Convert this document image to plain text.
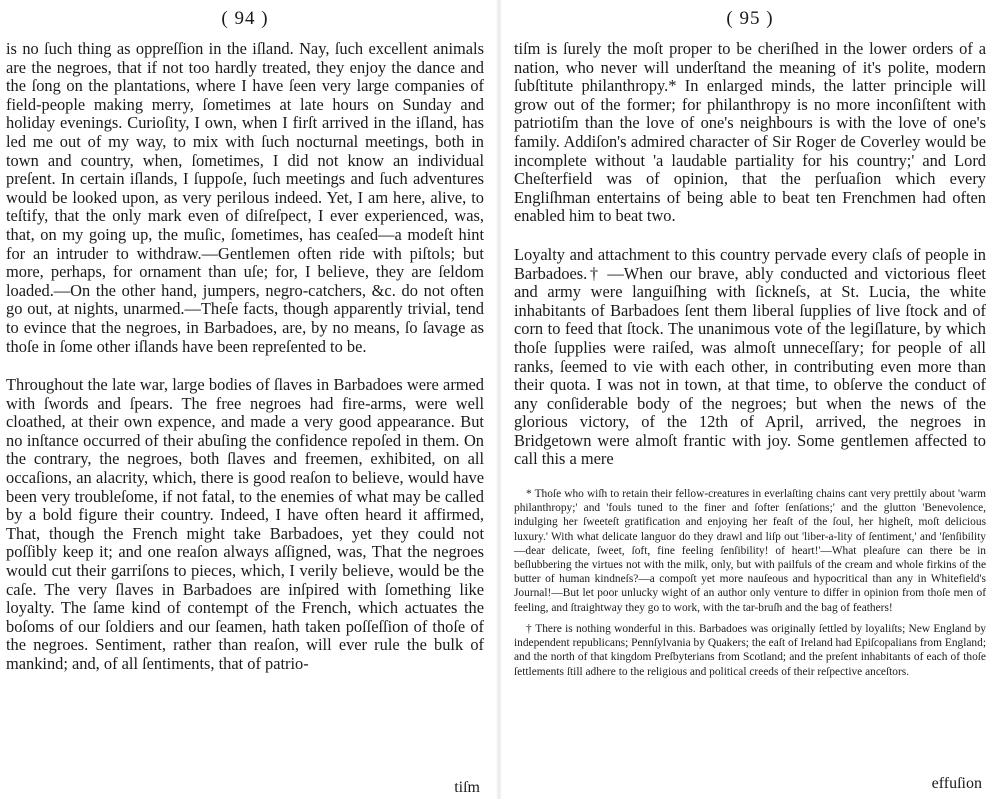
( 94 )

is no ſuch thing as oppreſſion in the iſland. Nay, ſuch excellent animals are the negroes, that if not too hardly treated, they enjoy the dance and the ſong on the plantations, where I have ſeen very large companies of field-people making merry, ſometimes at late hours on Sunday and holiday evenings. Curioſity, I own, when I firſt arrived in the iſland, has led me out of my way, to mix with ſuch nocturnal meetings, both in town and country, when, ſometimes, I did not know an individual preſent. In certain iſlands, I ſuppoſe, ſuch meetings and ſuch adventures would be looked upon, as very perilous indeed. Yet, I am here, alive, to teſtify, that the only mark even of diſreſpect, I ever experienced, was, that, on my going up, the muſic, ſometimes, has ceaſed—a modeſt hint for an intruder to withdraw.—Gentlemen often ride with piſtols; but more, perhaps, for ornament than uſe; for, I believe, they are ſeldom loaded.—On the other hand, jumpers, negro-catchers, &c. do not often go out, at nights, unarmed.—Theſe facts, though apparently trivial, tend to evince that the negroes, in Barbadoes, are, by no means, ſo ſavage as thoſe in ſome other iſlands have been repreſented to be.

Throughout the late war, large bodies of ſlaves in Barbadoes were armed with ſwords and ſpears. The free negroes had fire-arms, were well cloathed, at their own expence, and made a very good appearance. But no inſtance occurred of their abuſing the confidence repoſed in them. On the contrary, the negroes, both ſlaves and freemen, exhibited, on all occaſions, an alacrity, which, there is good reaſon to believe, would have been very troubleſome, if not fatal, to the enemies of what may be called by a bold figure their country. Indeed, I have often heard it affirmed, That, though the French might take Barbadoes, yet they could not poſſibly keep it; and one reaſon always aſſigned, was, That the negroes would cut their garriſons to pieces, which, I verily believe, would be the caſe. The very ſlaves in Barbadoes are inſpired with ſomething like loyalty. The ſame kind of contempt of the French, which actuates the boſoms of our ſoldiers and our ſeamen, hath taken poſſeſſion of thoſe of the negroes. Sentiment, rather than reaſon, will ever rule the bulk of mankind; and, of all ſentiments, that of patrio-

tiſm
( 95 )

tiſm is ſurely the moſt proper to be cheriſhed in the lower orders of a nation, who never will underſtand the meaning of it's polite, modern ſubſtitute philanthropy.* In enlarged minds, the latter principle will grow out of the former; for philanthropy is no more inconſiſtent with patriotiſm than the love of one's neighbours is with the love of one's family. Addiſon's admired character of Sir Roger de Coverley would be incomplete without 'a laudable partiality for his country;' and Lord Cheſterfield was of opinion, that the perſuaſion which every Engliſhman entertains of being able to beat ten Frenchmen had often enabled him to beat two.

Loyalty and attachment to this country pervade every claſs of people in Barbadoes.† —When our brave, ably conducted and victorious fleet and army were languiſhing with ſickneſs, at St. Lucia, the white inhabitants of Barbadoes ſent them liberal ſupplies of live ſtock and of corn to feed that ſtock. The unanimous vote of the legiſlature, by which thoſe ſupplies were raiſed, was almoſt unneceſſary; for people of all ranks, ſeemed to vie with each other, in contributing even more than their quota. I was not in town, at that time, to obſerve the conduct of any conſiderable body of the negroes; but when the news of the glorious victory, of the 12th of April, arrived, the negroes in Bridgetown were almoſt frantic with joy. Some gentlemen affected to call this a mere

* Thoſe who wiſh to retain their fellow-creatures in everlaſting chains cant very prettily about 'warm philanthropy;' and 'fouls tuned to the finer and ſofter ſenſations;' and the glutton 'Benevolence, indulging her ſweeteſt gratification and enjoying her feaſt of the ſoul, her higheſt, moſt delicious luxury.' With what delicate languor do they drawl and liſp out 'liber-a-lity of ſentiment,' and 'ſenſibility—dear delicate, ſweet, ſoft, fine feeling ſenſibility! of heart!'—What pleaſure can there be in beſlubbering the virtues not with the milk, only, but with pailfuls of the cream and whole firkins of the butter of human kindneſs?—a compoſt yet more nauſeous and hypocritical than any in Whitefield's Journal!—But let poor unlucky wight of an author only venture to differ in opinion from thoſe men of feeling, and ſtraightway they go to work, with the tar-bruſh and the bag of feathers!

† There is nothing wonderful in this. Barbadoes was originally ſettled by loyaliſts; New England by independent republicans; Pennſylvania by Quakers; the eaſt of Ireland had Epiſcopalians from England; and the north of that kingdom Preſbyterians from Scotland; and the preſent inhabitants of each of thoſe ſettlements ſtill adhere to the religious and political creeds of their reſpective anceſtors.

effuſion
